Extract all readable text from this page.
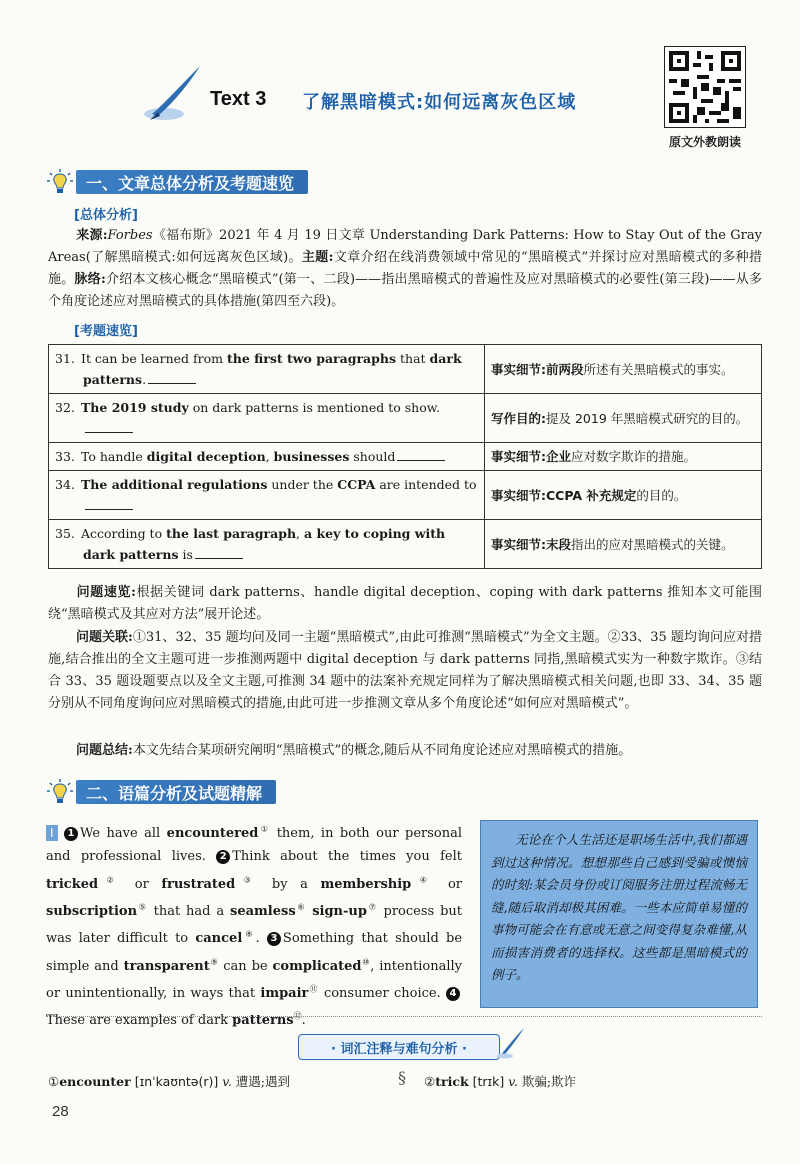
Text 3 了解黑暗模式:如何远离灰色区域
原文外教朗读
一、文章总体分析及考题速览
[总体分析]
来源:Forbes《福布斯》2021 年 4 月 19 日文章 Understanding Dark Patterns: How to Stay Out of the Gray Areas(了解黑暗模式:如何远离灰色区域)。主题:文章介绍在线消费领域中常见的“黑暗模式”并探讨应对黑暗模式的多种措施。脉络:介绍本文核心概念“黑暗模式”(第一、二段)——指出黑暗模式的普遍性及应对黑暗模式的必要性(第三段)——从多个角度论述应对黑暗模式的具体措施(第四至六段)。
[考题速览]
31. It can be learned from the first two paragraphs that dark patterns.	事实细节:前两段所述有关黑暗模式的事实。
32. The 2019 study on dark patterns is mentioned to show.	写作目的:提及 2019 年黑暗模式研究的目的。
33. To handle digital deception, businesses should	事实细节:企业应对数字欺诈的措施。
34. The additional regulations under the CCPA are intended to	事实细节:CCPA 补充规定的目的。
35. According to the last paragraph, a key to coping with dark patterns is	事实细节:末段指出的应对黑暗模式的关键。
问题速览:根据关键词 dark patterns、handle digital deception、coping with dark patterns 推知本文可能围绕“黑暗模式及其应对方法”展开论述。
问题关联:①31、32、35 题均问及同一主题“黑暗模式”,由此可推测“黑暗模式”为全文主题。②33、35 题均询问应对措施,结合推出的全文主题可进一步推测两题中 digital deception 与 dark patterns 同指,黑暗模式实为一种数字欺诈。③结合 33、35 题设题要点以及全文主题,可推测 34 题中的法案补充规定同样为了解决黑暗模式相关问题,也即 33、34、35 题分别从不同角度询问应对黑暗模式的措施,由此可进一步推测文章从多个角度论述“如何应对黑暗模式”。
问题总结:本文先结合某项研究阐明“黑暗模式”的概念,随后从不同角度论述应对黑暗模式的措施。
二、语篇分析及试题精解
I 1 We have all encountered① them, in both our personal and professional lives. 2 Think about the times you felt tricked② or frustrated③ by a membership④ or subscription⑤ that had a seamless⑥ sign-up⑦ process but was later difficult to cancel⑧. 3 Something that should be simple and transparent⑨ can be complicated⑩, intentionally or unintentionally, in ways that impair⑪ consumer choice. 4These are examples of dark patterns⑫.
无论在个人生活还是职场生活中,我们都遇到过这种情况。想想那些自己感到受骗或懊恼的时刻:某会员身份或订阅服务注册过程流畅无缝,随后取消却极其困难。一些本应简单易懂的事物可能会在有意或无意之间变得复杂难懂,从而损害消费者的选择权。这些都是黑暗模式的例子。
· 词汇注释与难句分析 ·
①encounter [ɪnˈkaʊntə(r)] v. 遭遇;遇到	§ ②trick [trɪk] v. 欺骗;欺诈
28
